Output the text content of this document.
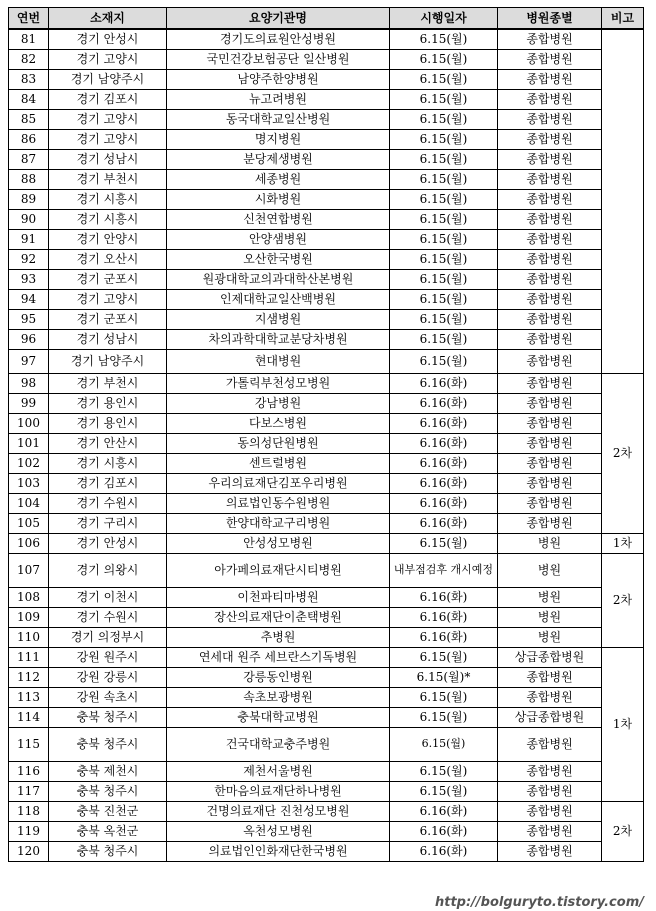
연번	소재지	요양기관명	시행일자	병원종별	비고
81	경기 안성시	경기도의료원안성병원	6.15(월)	종합병원	
82	경기 고양시	국민건강보험공단 일산병원	6.15(월)	종합병원	
83	경기 남양주시	남양주한양병원	6.15(월)	종합병원	
84	경기 김포시	뉴고려병원	6.15(월)	종합병원	
85	경기 고양시	동국대학교일산병원	6.15(월)	종합병원	
86	경기 고양시	명지병원	6.15(월)	종합병원	
87	경기 성남시	분당제생병원	6.15(월)	종합병원	
88	경기 부천시	세종병원	6.15(월)	종합병원	
89	경기 시흥시	시화병원	6.15(월)	종합병원	
90	경기 시흥시	신천연합병원	6.15(월)	종합병원	
91	경기 안양시	안양샘병원	6.15(월)	종합병원	
92	경기 오산시	오산한국병원	6.15(월)	종합병원	
93	경기 군포시	원광대학교의과대학산본병원	6.15(월)	종합병원	
94	경기 고양시	인제대학교일산백병원	6.15(월)	종합병원	
95	경기 군포시	지샘병원	6.15(월)	종합병원	
96	경기 성남시	차의과학대학교분당차병원	6.15(월)	종합병원	
97	경기 남양주시	현대병원	6.15(월)	종합병원	
98	경기 부천시	가톨릭부천성모병원	6.16(화)	종합병원	2차
99	경기 용인시	강남병원	6.16(화)	종합병원	
100	경기 용인시	다보스병원	6.16(화)	종합병원	
101	경기 안산시	동의성단원병원	6.16(화)	종합병원	
102	경기 시흥시	센트럴병원	6.16(화)	종합병원	
103	경기 김포시	우리의료재단김포우리병원	6.16(화)	종합병원	
104	경기 수원시	의료법인동수원병원	6.16(화)	종합병원	
105	경기 구리시	한양대학교구리병원	6.16(화)	종합병원	
106	경기 안성시	안성성모병원	6.15(월)	병원	1차
107	경기 의왕시	아가페의료재단시티병원	내부점검후 개시예정	병원	2차
108	경기 이천시	이천파티마병원	6.16(화)	병원	
109	경기 수원시	장산의료재단이춘택병원	6.16(화)	병원	
110	경기 의정부시	추병원	6.16(화)	병원	
111	강원 원주시	연세대 원주 세브란스기독병원	6.15(월)	상급종합병원	1차
112	강원 강릉시	강릉동인병원	6.15(월)*	종합병원	
113	강원 속초시	속초보광병원	6.15(월)	종합병원	
114	충북 청주시	충북대학교병원	6.15(월)	상급종합병원	
115	충북 청주시	건국대학교충주병원	6.15(월)	종합병원	
116	충북 제천시	제천서울병원	6.15(월)	종합병원	
117	충북 청주시	한마음의료재단하나병원	6.15(월)	종합병원	
118	충북 진천군	건명의료재단 진천성모병원	6.16(화)	종합병원	2차
119	충북 옥천군	옥천성모병원	6.16(화)	종합병원	
120	충북 청주시	의료법인인화재단한국병원	6.16(화)	종합병원	
http://bolguryto.tistory.com/
